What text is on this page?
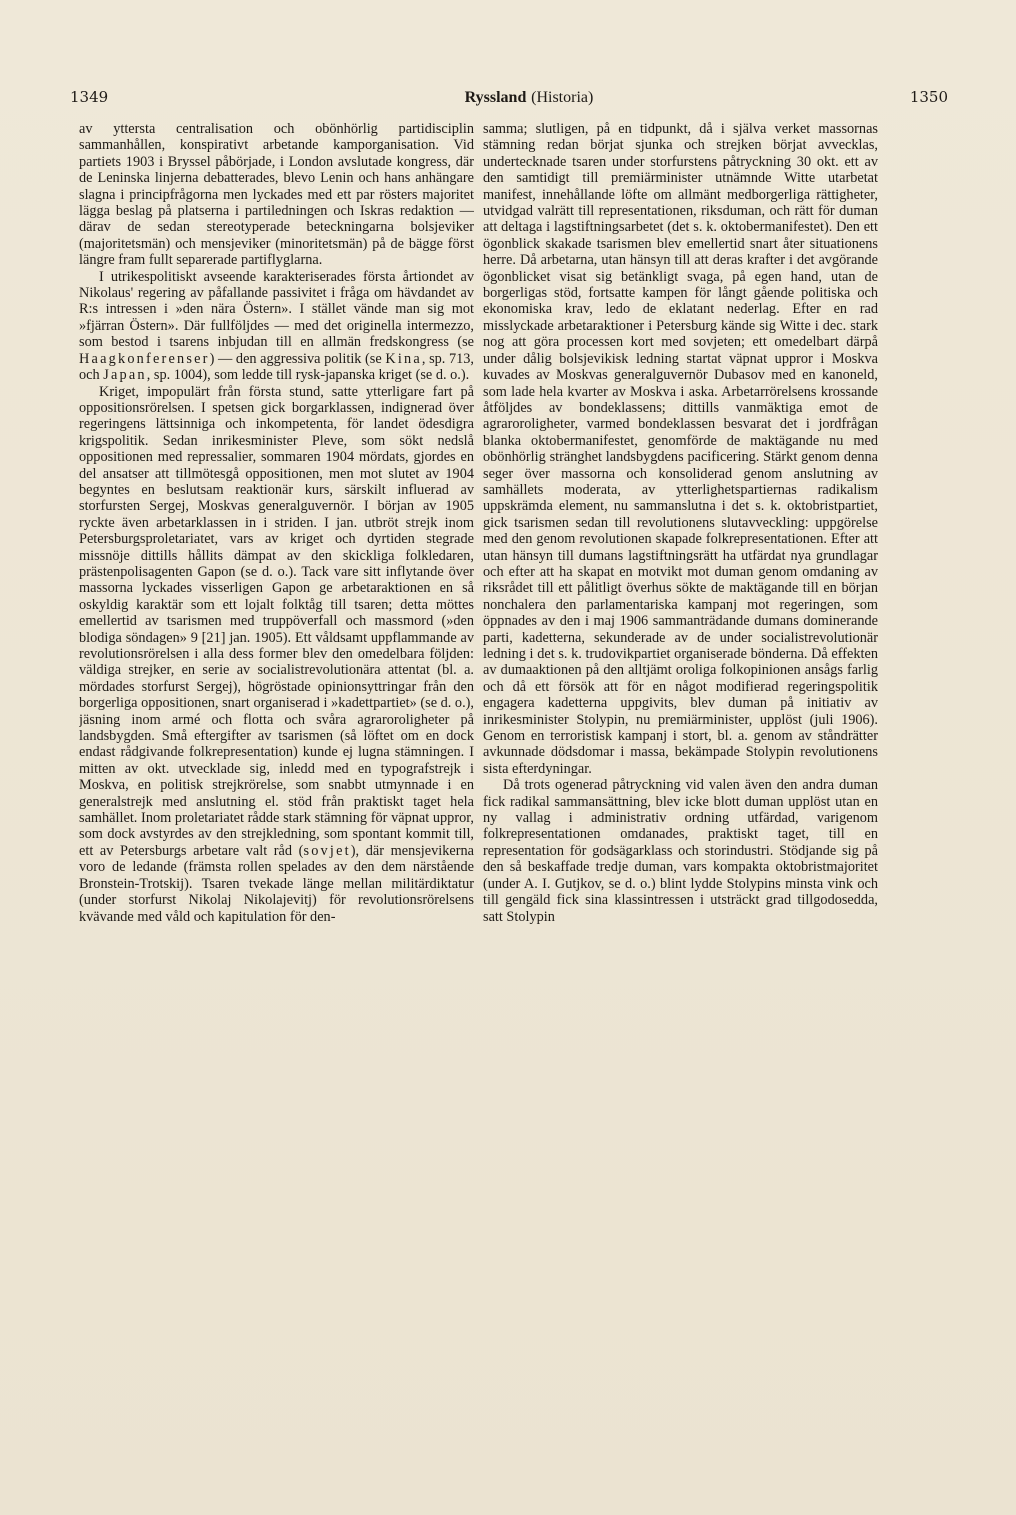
1349	Ryssland (Historia)	1350

av yttersta centralisation och obönhörlig partidisciplin sammanhållen, konspirativt arbetande kamporganisation. Vid partiets 1903 i Bryssel påbörjade, i London avslutade kongress, där de Leninska linjerna debatterades, blevo Lenin och hans anhängare slagna i principfrågorna men lyckades med ett par rösters majoritet lägga beslag på platserna i partiledningen och Iskras redaktion — därav de sedan stereotyperade beteckningarna bolsjeviker (majoritetsmän) och mensjeviker (minoritetsmän) på de bägge först längre fram fullt separerade partiflyglarna.

I utrikespolitiskt avseende karakteriserades första årtiondet av Nikolaus' regering av påfallande passivitet i fråga om hävdandet av R:s intressen i »den nära Östern». I stället vände man sig mot »fjärran Östern». Där fullföljdes — med det originella intermezzo, som bestod i tsarens inbjudan till en allmän fredskongress (se Haagkonferenser) — den aggressiva politik (se Kina, sp. 713, och Japan, sp. 1004), som ledde till rysk-japanska kriget (se d. o.).

Kriget, impopulärt från första stund, satte ytterligare fart på oppositionsrörelsen. I spetsen gick borgarklassen, indignerad över regeringens lättsinniga och inkompetenta, för landet ödesdigra krigspolitik. Sedan inrikesminister Pleve, som sökt nedslå oppositionen med repressalier, sommaren 1904 mördats, gjordes en del ansatser att tillmötesgå oppositionen, men mot slutet av 1904 begyntes en beslutsam reaktionär kurs, särskilt influerad av storfursten Sergej, Moskvas generalguvernör. I början av 1905 ryckte även arbetarklassen in i striden. I jan. utbröt strejk inom Petersburgsproletariatet, vars av kriget och dyrtiden stegrade missnöje dittills hållits dämpat av den skickliga folkledaren, prästenpolisagenten Gapon (se d. o.). Tack vare sitt inflytande över massorna lyckades visserligen Gapon ge arbetaraktionen en så oskyldig karaktär som ett lojalt folktåg till tsaren; detta möttes emellertid av tsarismen med truppöverfall och massmord (»den blodiga söndagen» 9 [21] jan. 1905). Ett våldsamt uppflammande av revolutionsrörelsen i alla dess former blev den omedelbara följden: väldiga strejker, en serie av socialistrevolutionära attentat (bl. a. mördades storfurst Sergej), högröstade opinionsyttringar från den borgerliga oppositionen, snart organiserad i »kadettpartiet» (se d. o.), jäsning inom armé och flotta och svåra agraroroligheter på landsbygden. Små eftergifter av tsarismen (så löftet om en dock endast rådgivande folkrepresentation) kunde ej lugna stämningen. I mitten av okt. utvecklade sig, inledd med en typografstrejk i Moskva, en politisk strejkrörelse, som snabbt utmynnade i en generalstrejk med anslutning el. stöd från praktiskt taget hela samhället. Inom proletariatet rådde stark stämning för väpnat uppror, som dock avstyrdes av den strejkledning, som spontant kommit till, ett av Petersburgs arbetare valt råd (sovjet), där mensjevikerna voro de ledande (främsta rollen spelades av den dem närstående Bronstein-Trotskij). Tsaren tvekade länge mellan militärdiktatur (under storfurst Nikolaj Nikolajevitj) för revolutionsrörelsens kvävande med våld och kapitulation för den-

samma; slutligen, på en tidpunkt, då i själva verket massornas stämning redan börjat sjunka och strejken börjat avvecklas, undertecknade tsaren under storfurstens påtryckning 30 okt. ett av den samtidigt till premiärminister utnämnde Witte utarbetat manifest, innehållande löfte om allmänt medborgerliga rättigheter, utvidgad valrätt till representationen, riksduman, och rätt för duman att deltaga i lagstiftningsarbetet (det s. k. oktobermanifestet). Den ett ögonblick skakade tsarismen blev emellertid snart åter situationens herre. Då arbetarna, utan hänsyn till att deras krafter i det avgörande ögonblicket visat sig betänkligt svaga, på egen hand, utan de borgerligas stöd, fortsatte kampen för långt gående politiska och ekonomiska krav, ledo de eklatant nederlag. Efter en rad misslyckade arbetaraktioner i Petersburg kände sig Witte i dec. stark nog att göra processen kort med sovjeten; ett omedelbart därpå under dålig bolsjevikisk ledning startat väpnat uppror i Moskva kuvades av Moskvas generalguvernör Dubasov med en kanoneld, som lade hela kvarter av Moskva i aska. Arbetarrörelsens krossande åtföljdes av bondeklassens; dittills vanmäktiga emot de agraroroligheter, varmed bondeklassen besvarat det i jordfrågan blanka oktobermanifestet, genomförde de maktägande nu med obönhörlig stränghet landsbygdens pacificering. Stärkt genom denna seger över massorna och konsoliderad genom anslutning av samhällets moderata, av ytterlighetspartiernas radikalism uppskrämda element, nu sammanslutna i det s. k. oktobristpartiet, gick tsarismen sedan till revolutionens slutavveckling: uppgörelse med den genom revolutionen skapade folkrepresentationen. Efter att utan hänsyn till dumans lagstiftningsrätt ha utfärdat nya grundlagar och efter att ha skapat en motvikt mot duman genom omdaning av riksrådet till ett pålitligt överhus sökte de maktägande till en början nonchalera den parlamentariska kampanj mot regeringen, som öppnades av den i maj 1906 sammanträdande dumans dominerande parti, kadetterna, sekunderade av de under socialistrevolutionär ledning i det s. k. trudovikpartiet organiserade bönderna. Då effekten av dumaaktionen på den alltjämt oroliga folkopinionen ansågs farlig och då ett försök att för en något modifierad regeringspolitik engagera kadetterna uppgivits, blev duman på initiativ av inrikesminister Stolypin, nu premiärminister, upplöst (juli 1906). Genom en terroristisk kampanj i stort, bl. a. genom av ståndrätter avkunnade dödsdomar i massa, bekämpade Stolypin revolutionens sista efterdyningar.

Då trots ogenerad påtryckning vid valen även den andra duman fick radikal sammansättning, blev icke blott duman upplöst utan en ny vallag i administrativ ordning utfärdad, varigenom folkrepresentationen omdanades, praktiskt taget, till en representation för godsägarklass och storindustri. Stödjande sig på den så beskaffade tredje duman, vars kompakta oktobristmajoritet (under A. I. Gutjkov, se d. o.) blint lydde Stolypins minsta vink och till gengäld fick sina klassintressen i utsträckt grad tillgodosedda, satt Stolypin
